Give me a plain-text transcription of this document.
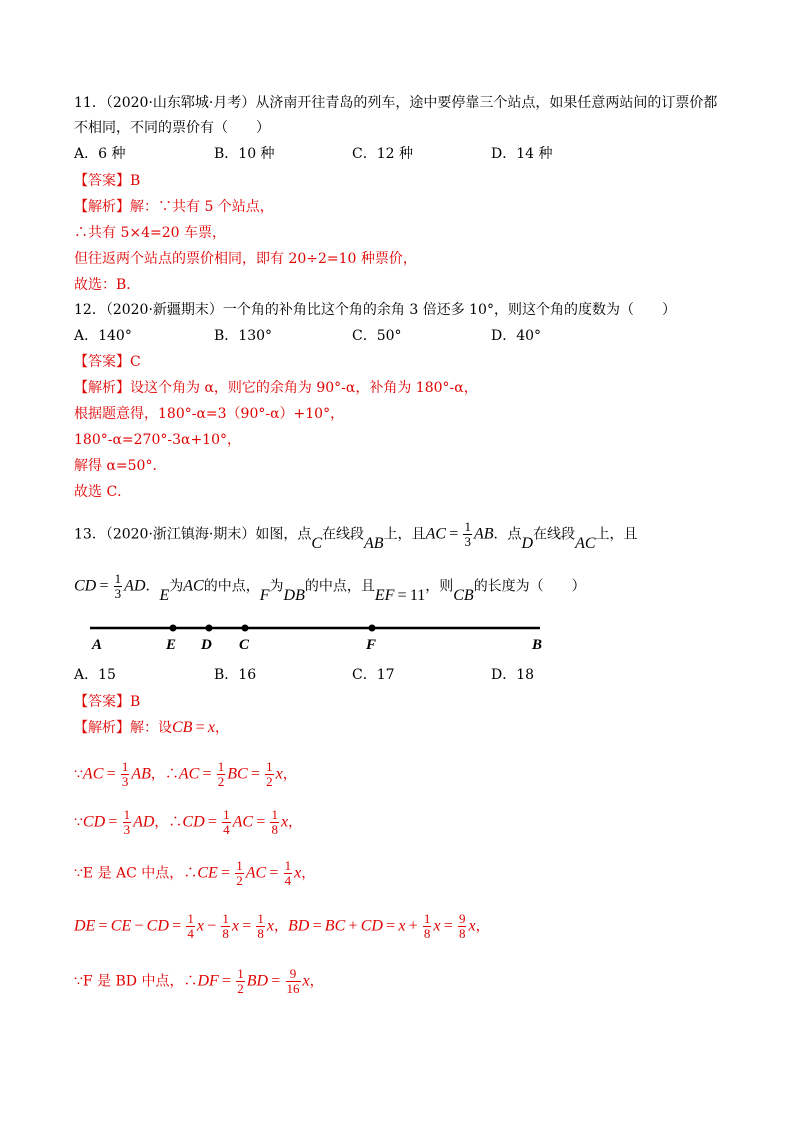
11．（2020·山东郓城·月考）从济南开往青岛的列车，途中要停靠三个站点，如果任意两站间的订票价都
不相同，不同的票价有（　　）
A．6 种	B．10 种	C．12 种	D．14 种
【答案】B
【解析】解：∵共有 5 个站点，
∴共有 5×4=20 车票，
但往返两个站点的票价相同，即有 20÷2=10 种票价，
故选：B．
12．（2020·新疆期末）一个角的补角比这个角的余角 3 倍还多 10°，则这个角的度数为（　　）
A．140°	B．130°	C．50°	D．40°
【答案】C
【解析】设这个角为 α，则它的余角为 90°-α，补角为 180°-α，
根据题意得，180°-α=3（90°-α）+10°，
180°-α=270°-3α+10°，
解得 α=50°．
故选 C．
13．（2020·浙江镇海·期末）如图，点C在线段AB上，且AC =  $\frac{1}{3}$ AB．点D在线段AC上，且
CD =  $\frac{1}{3}$ AD．E为AC的中点，F为DB的中点，且EF = 11，则CB的长度为（　　）
A	E D C	F	B
A．15	B．16	C．17	D．18
【答案】B
【解析】解：设CB = x，
∵AC =  $\frac{1}{3}$ AB，∴AC =  $\frac{1}{2}$ BC =  $\frac{1}{2}$ x，
∵CD =  $\frac{1}{3}$ AD，∴CD =  $\frac{1}{4}$ AC =  $\frac{1}{8}$ x，
∵E 是 AC 中点，∴CE =  $\frac{1}{2}$ AC =  $\frac{1}{4}$ x，
DE = CE − CD =  $\frac{1}{4}$ $x - \frac{1}{8}$ $x = \frac{1}{8}$ x，BD = BC + CD = $x + \frac{1}{8}$ $x = \frac{9}{8}$ x，
∵F 是 BD 中点，∴DF =  $\frac{1}{2}$ BD =  $\frac{9}{16}$ x，
